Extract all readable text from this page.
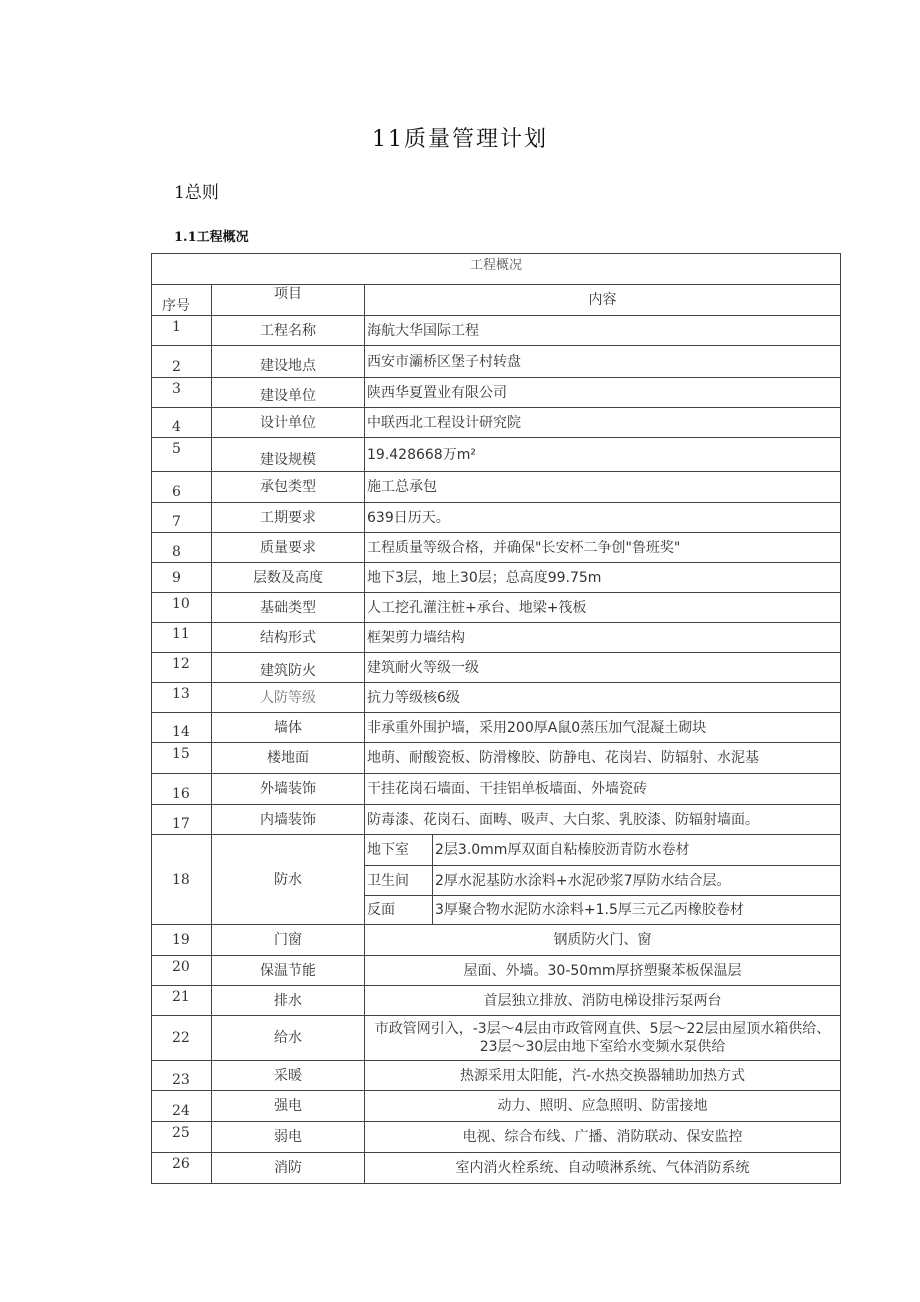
11质量管理计划
1总则
1.1工程概况
工程概况			
序号	项目	内容	
1	工程名称	海航大华国际工程	
2	建设地点	西安市灞桥区堡子村转盘	
3	建设单位	陕西华夏置业有限公司	
4	设计单位	中联西北工程设计研究院	
5	建设规模	19.428668万m²	
6	承包类型	施工总承包	
7	工期要求	639日历天。	
8	质量要求	工程质量等级合格，并确保"长安杯二争创"鲁班奖"	
9	层数及高度	地下3层，地上30层；总高度99.75m	
10	基础类型	人工挖孔灌注桩+承台、地梁+筏板	
11	结构形式	框架剪力墙结构	
12	建筑防火	建筑耐火等级一级	
13	人防等级	抗力等级核6级	
14	墙体	非承重外围护墙，采用200厚A鼠0蒸压加气混凝土砌块	
15	楼地面	地萌、耐酸瓷板、防滑橡胶、防静电、花岗岩、防辐射、水泥基	
16	外墙装饰	干挂花岗石墙面、干挂铝单板墙面、外墙瓷砖	
17	内墙装饰	防毒漆、花岗石、面畴、吸声、大白浆、乳胶漆、防辐射墙面。	
18	防水	地下室	2层3.0mm厚双面自粘榛胶沥青防水卷材
		卫生间	2厚水泥基防水涂料+水泥砂浆7厚防水结合层。
		反面	3厚聚合物水泥防水涂料+1.5厚三元乙丙橡胶卷材
19	门窗	钢质防火门、窗	
20	保温节能	屋面、外墙。30-50mm厚挤塑聚苯板保温层	
21	排水	首层独立排放、消防电梯设排污泵两台	
22	给水	市政管网引入，-3层〜4层由市政管网直供、5层〜22层由屋顶水箱供给、23层〜30层由地下室给水变频水泵供给	
23	采暖	热源采用太阳能，汽-水热交换器辅助加热方式	
24	强电	动力、照明、应急照明、防雷接地	
25	弱电	电视、综合布线、广播、消防联动、保安监控	
26	消防	室内消火栓系统、自动喷淋系统、气体消防系统	
